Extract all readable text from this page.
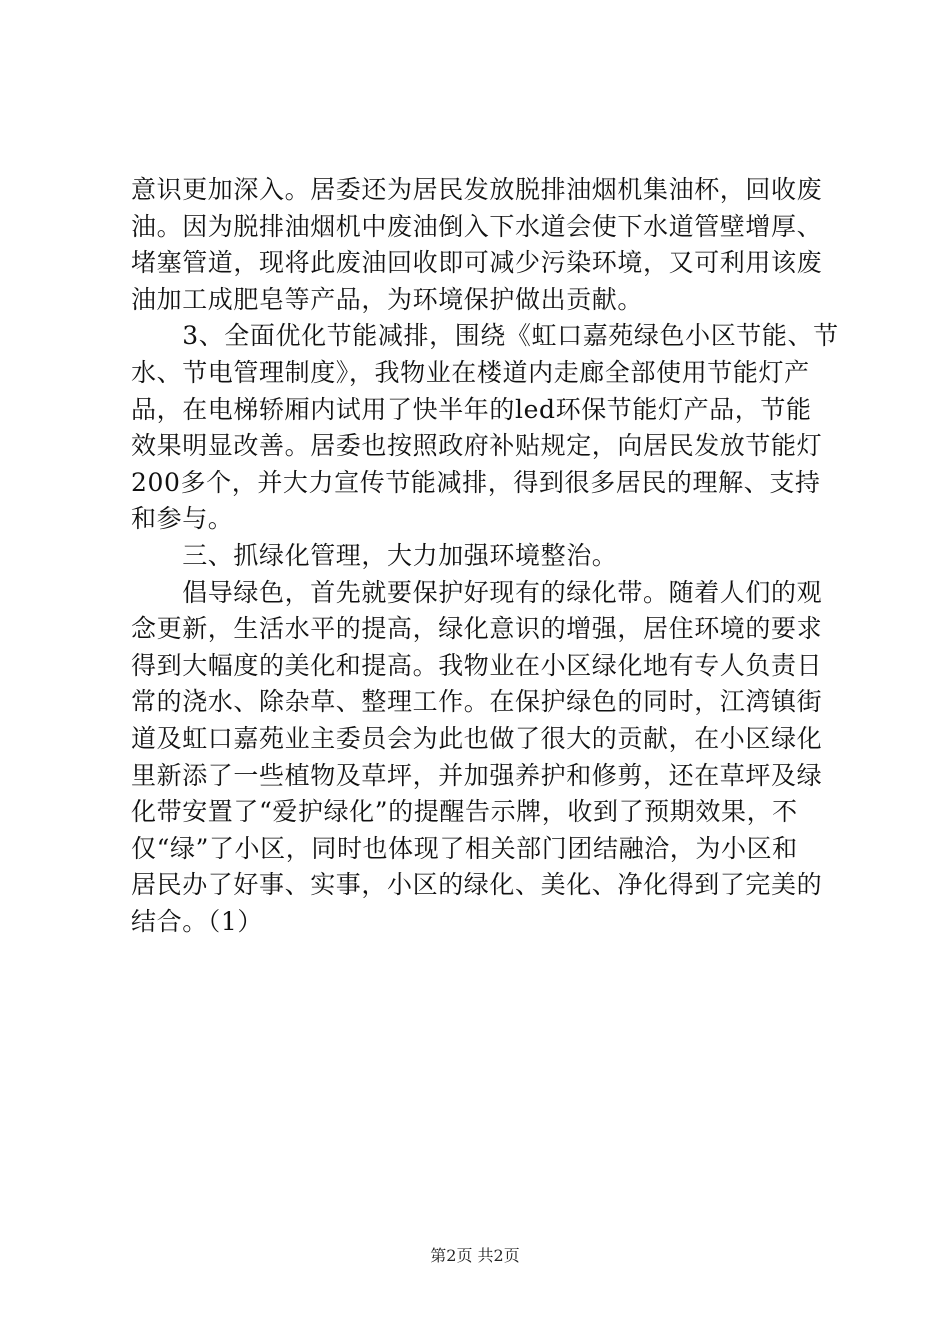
意识更加深入。居委还为居民发放脱排油烟机集油杯，回收废
油。因为脱排油烟机中废油倒入下水道会使下水道管壁增厚、
堵塞管道，现将此废油回收即可减少污染环境，又可利用该废
油加工成肥皂等产品，为环境保护做出贡献。
　　3、全面优化节能减排，围绕《虹口嘉苑绿色小区节能、节
水、节电管理制度》，我物业在楼道内走廊全部使用节能灯产
品，在电梯轿厢内试用了快半年的led环保节能灯产品，节能
效果明显改善。居委也按照政府补贴规定，向居民发放节能灯
200多个，并大力宣传节能减排，得到很多居民的理解、支持
和参与。
　　三、抓绿化管理，大力加强环境整治。
　　倡导绿色，首先就要保护好现有的绿化带。随着人们的观
念更新，生活水平的提高，绿化意识的增强，居住环境的要求
得到大幅度的美化和提高。我物业在小区绿化地有专人负责日
常的浇水、除杂草、整理工作。在保护绿色的同时，江湾镇街
道及虹口嘉苑业主委员会为此也做了很大的贡献，在小区绿化
里新添了一些植物及草坪，并加强养护和修剪，还在草坪及绿
化带安置了“爱护绿化”的提醒告示牌，收到了预期效果，不
仅“绿”了小区，同时也体现了相关部门团结融洽，为小区和
居民办了好事、实事，小区的绿化、美化、净化得到了完美的
结合。（1）
第2页 共2页
